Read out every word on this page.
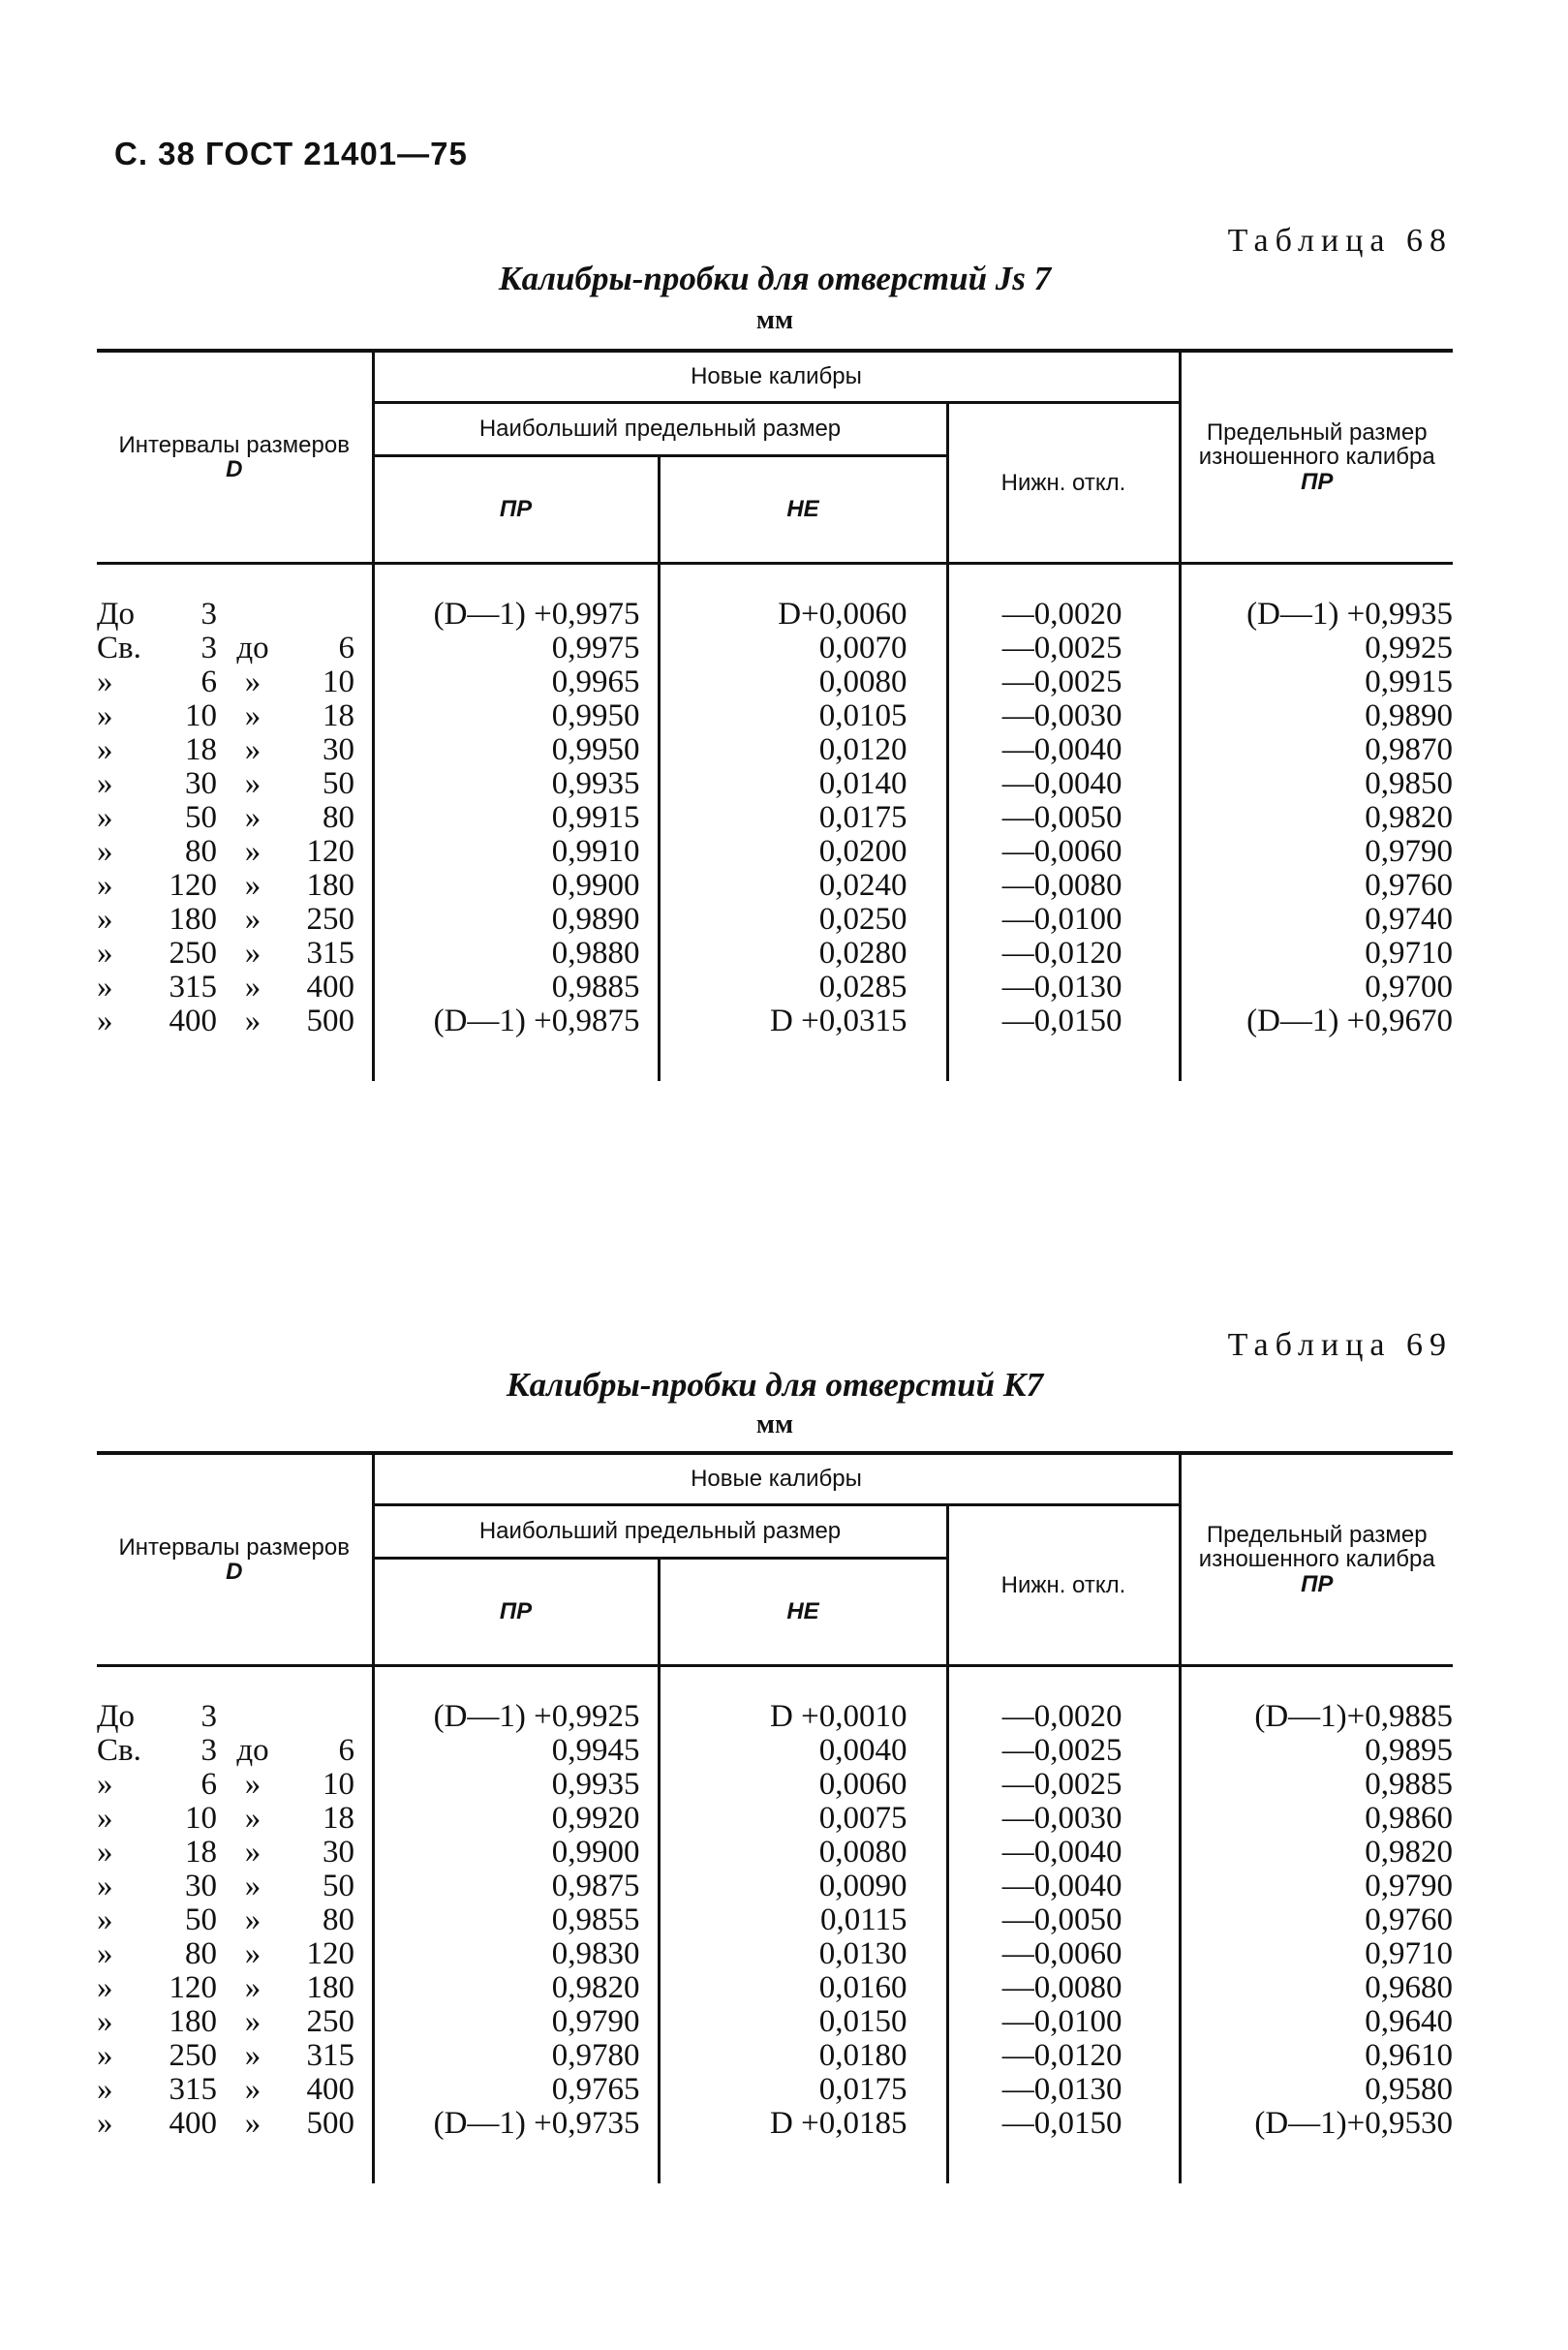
С. 38 ГОСТ 21401—75
Таблица 68
Калибры-пробки для отверстий Js 7
мм
Интервалы размеров
D	Новые калибры			Предельный размер изношенного калибра
ПР
	Наибольший предельный размер		Нижн. откл.	
	ПР	НЕ		
До 3	(D—1) +0,9975	D+0,0060	—0,0020	(D—1) +0,9935
Св. 3 до 6	0,9975	0,0070	—0,0025	0,9925
» 6 » 10	0,9965	0,0080	—0,0025	0,9915
» 10 » 18	0,9950	0,0105	—0,0030	0,9890
» 18 » 30	0,9950	0,0120	—0,0040	0,9870
» 30 » 50	0,9935	0,0140	—0,0040	0,9850
» 50 » 80	0,9915	0,0175	—0,0050	0,9820
» 80 » 120	0,9910	0,0200	—0,0060	0,9790
» 120 » 180	0,9900	0,0240	—0,0080	0,9760
» 180 » 250	0,9890	0,0250	—0,0100	0,9740
» 250 » 315	0,9880	0,0280	—0,0120	0,9710
» 315 » 400	0,9885	0,0285	—0,0130	0,9700
» 400 » 500	(D—1) +0,9875	D +0,0315	—0,0150	(D—1) +0,9670
Таблица 69
Калибры-пробки для отверстий К7
мм
Интервалы размеров
D	Новые калибры			Предельный размер изношенного калибра
ПР
	Наибольший предельный размер		Нижн. откл.	
	ПР	НЕ		
До 3	(D—1) +0,9925	D +0,0010	—0,0020	(D—1)+0,9885
Св. 3 до 6	0,9945	0,0040	—0,0025	0,9895
» 6 » 10	0,9935	0,0060	—0,0025	0,9885
» 10 » 18	0,9920	0,0075	—0,0030	0,9860
» 18 » 30	0,9900	0,0080	—0,0040	0,9820
» 30 » 50	0,9875	0,0090	—0,0040	0,9790
» 50 » 80	0,9855	0,0115	—0,0050	0,9760
» 80 » 120	0,9830	0,0130	—0,0060	0,9710
» 120 » 180	0,9820	0,0160	—0,0080	0,9680
» 180 » 250	0,9790	0,0150	—0,0100	0,9640
» 250 » 315	0,9780	0,0180	—0,0120	0,9610
» 315 » 400	0,9765	0,0175	—0,0130	0,9580
» 400 » 500	(D—1) +0,9735	D +0,0185	—0,0150	(D—1)+0,9530
